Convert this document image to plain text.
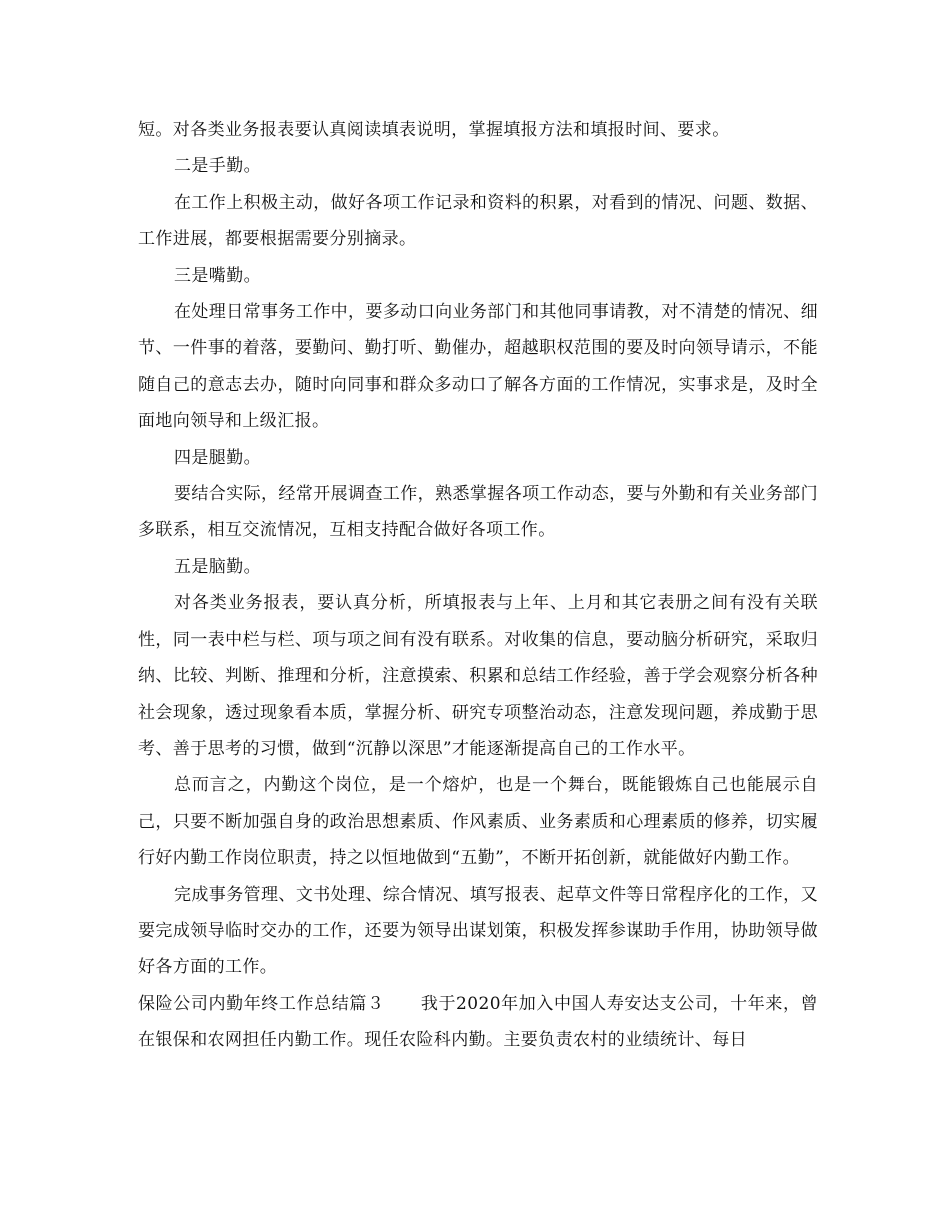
短。对各类业务报表要认真阅读填表说明，掌握填报方法和填报时间、要求。

二是手勤。

在工作上积极主动，做好各项工作记录和资料的积累，对看到的情况、问题、数据、工作进展，都要根据需要分别摘录。

三是嘴勤。

在处理日常事务工作中，要多动口向业务部门和其他同事请教，对不清楚的情况、细节、一件事的着落，要勤问、勤打听、勤催办，超越职权范围的要及时向领导请示，不能随自己的意志去办，随时向同事和群众多动口了解各方面的工作情况，实事求是，及时全面地向领导和上级汇报。

四是腿勤。

要结合实际，经常开展调查工作，熟悉掌握各项工作动态，要与外勤和有关业务部门多联系，相互交流情况，互相支持配合做好各项工作。

五是脑勤。

对各类业务报表，要认真分析，所填报表与上年、上月和其它表册之间有没有关联性，同一表中栏与栏、项与项之间有没有联系。对收集的信息，要动脑分析研究，采取归纳、比较、判断、推理和分析，注意摸索、积累和总结工作经验，善于学会观察分析各种社会现象，透过现象看本质，掌握分析、研究专项整治动态，注意发现问题，养成勤于思考、善于思考的习惯，做到“沉静以深思”才能逐渐提高自己的工作水平。

总而言之，内勤这个岗位，是一个熔炉，也是一个舞台，既能锻炼自己也能展示自己，只要不断加强自身的政治思想素质、作风素质、业务素质和心理素质的修养，切实履行好内勤工作岗位职责，持之以恒地做到“五勤”，不断开拓创新，就能做好内勤工作。

完成事务管理、文书处理、综合情况、填写报表、起草文件等日常程序化的工作，又要完成领导临时交办的工作，还要为领导出谋划策，积极发挥参谋助手作用，协助领导做好各方面的工作。

保险公司内勤年终工作总结篇３ 我于2020年加入中国人寿安达支公司，十年来，曾在银保和农网担任内勤工作。现任农险科内勤。主要负责农村的业绩统计、每日
